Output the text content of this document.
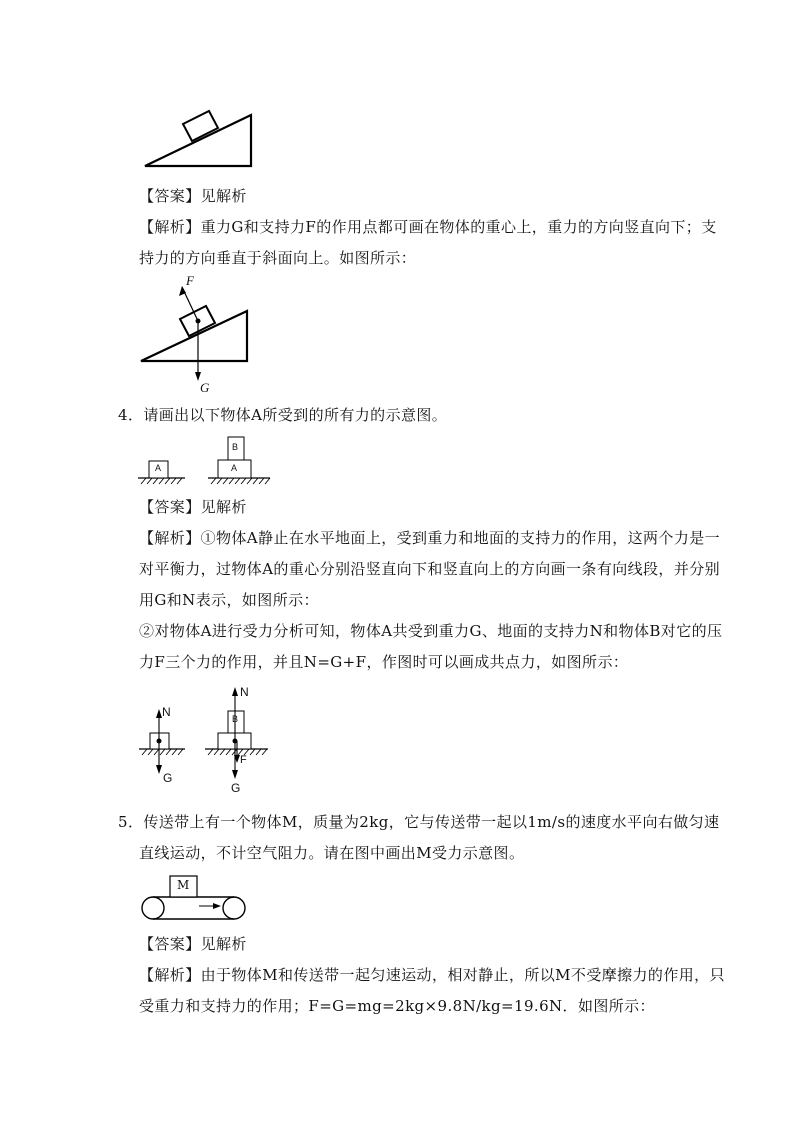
【答案】见解析
【解析】重力G和支持力F的作用点都可画在物体的重心上，重力的方向竖直向下；支
持力的方向垂直于斜面向上。如图所示：
F
G
4．请画出以下物体A所受到的所有力的示意图。
A	A
B
【答案】见解析
【解析】①物体A静止在水平地面上，受到重力和地面的支持力的作用，这两个力是一
对平衡力，过物体A的重心分别沿竖直向下和竖直向上的方向画一条有向线段，并分别
用G和N表示，如图所示：
②对物体A进行受力分析可知，物体A共受到重力G、地面的支持力N和物体B对它的压
力F三个力的作用，并且N=G+F，作图时可以画成共点力，如图所示：
N
G
N
F
G
B
5．传送带上有一个物体M，质量为2kg，它与传送带一起以1m/s的速度水平向右做匀速
直线运动，不计空气阻力。请在图中画出M受力示意图。
M
【答案】见解析
【解析】由于物体M和传送带一起匀速运动，相对静止，所以M不受摩擦力的作用，只
受重力和支持力的作用；F=G=mg=2kg×9.8N/kg=19.6N．如图所示：
